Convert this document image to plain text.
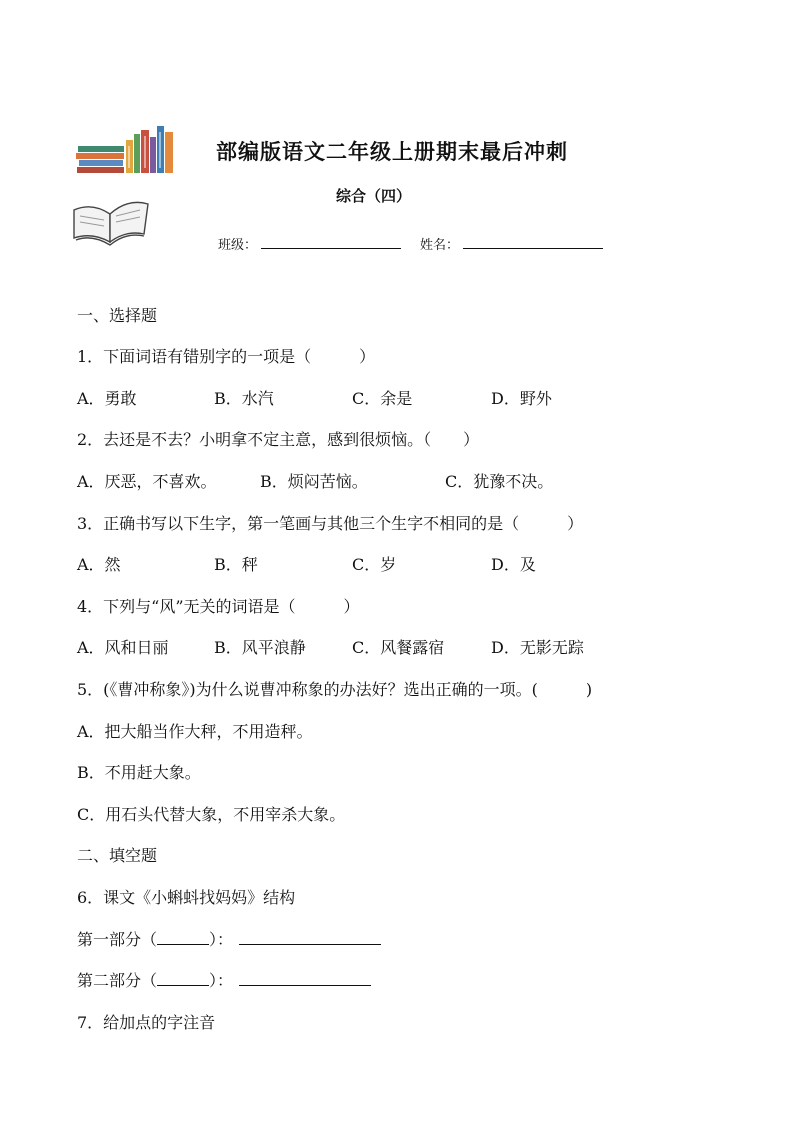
部编版语文二年级上册期末最后冲刺
综合（四）
班级：	姓名：
一、选择题
1．下面词语有错别字的一项是（　　　）
A．勇敢	B．水汽	C．余是	D．野外
2．去还是不去？小明拿不定主意，感到很烦恼。（　　）
A．厌恶，不喜欢。	B．烦闷苦恼。	C．犹豫不决。
3．正确书写以下生字，第一笔画与其他三个生字不相同的是（　　　）
A．然	B．秤	C．岁	D．及
4．下列与“风”无关的词语是（　　　）
A．风和日丽	B．风平浪静	C．风餐露宿	D．无影无踪
5．(《曹冲称象》)为什么说曹冲称象的办法好？选出正确的一项。(　　　)
A．把大船当作大秤，不用造秤。
B．不用赶大象。
C．用石头代替大象，不用宰杀大象。
二、填空题
6．课文《小蝌蚪找妈妈》结构
第一部分（	）：
第二部分（	）：
7．给加点的字注音
